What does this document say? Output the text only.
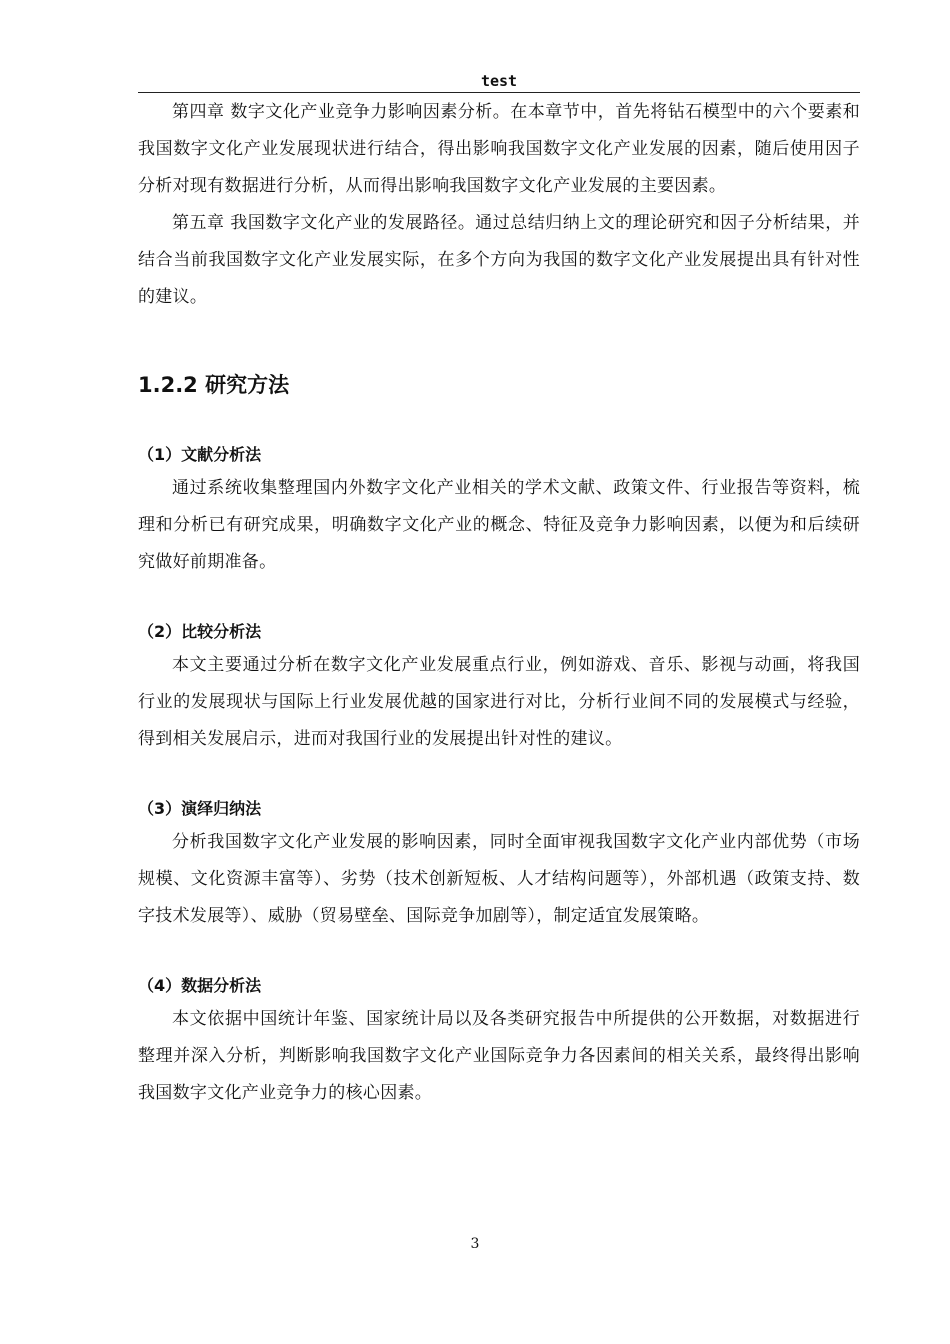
test

第四章 数字文化产业竞争力影响因素分析。在本章节中，首先将钻石模型中的六个要素和我国数字文化产业发展现状进行结合，得出影响我国数字文化产业发展的因素，随后使用因子分析对现有数据进行分析，从而得出影响我国数字文化产业发展的主要因素。

第五章 我国数字文化产业的发展路径。通过总结归纳上文的理论研究和因子分析结果，并结合当前我国数字文化产业发展实际，在多个方向为我国的数字文化产业发展提出具有针对性的建议。

1.2.2 研究方法
（1）文献分析法

通过系统收集整理国内外数字文化产业相关的学术文献、政策文件、行业报告等资料，梳理和分析已有研究成果，明确数字文化产业的概念、特征及竞争力影响因素，以便为和后续研究做好前期准备。

（2）比较分析法

本文主要通过分析在数字文化产业发展重点行业，例如游戏、音乐、影视与动画，将我国行业的发展现状与国际上行业发展优越的国家进行对比，分析行业间不同的发展模式与经验，得到相关发展启示，进而对我国行业的发展提出针对性的建议。

（3）演绎归纳法

分析我国数字文化产业发展的影响因素，同时全面审视我国数字文化产业内部优势（市场规模、文化资源丰富等）、劣势（技术创新短板、人才结构问题等），外部机遇（政策支持、数字技术发展等）、威胁（贸易壁垒、国际竞争加剧等），制定适宜发展策略。

（4）数据分析法

本文依据中国统计年鉴、国家统计局以及各类研究报告中所提供的公开数据，对数据进行整理并深入分析，判断影响我国数字文化产业国际竞争力各因素间的相关关系，最终得出影响我国数字文化产业竞争力的核心因素。

3
